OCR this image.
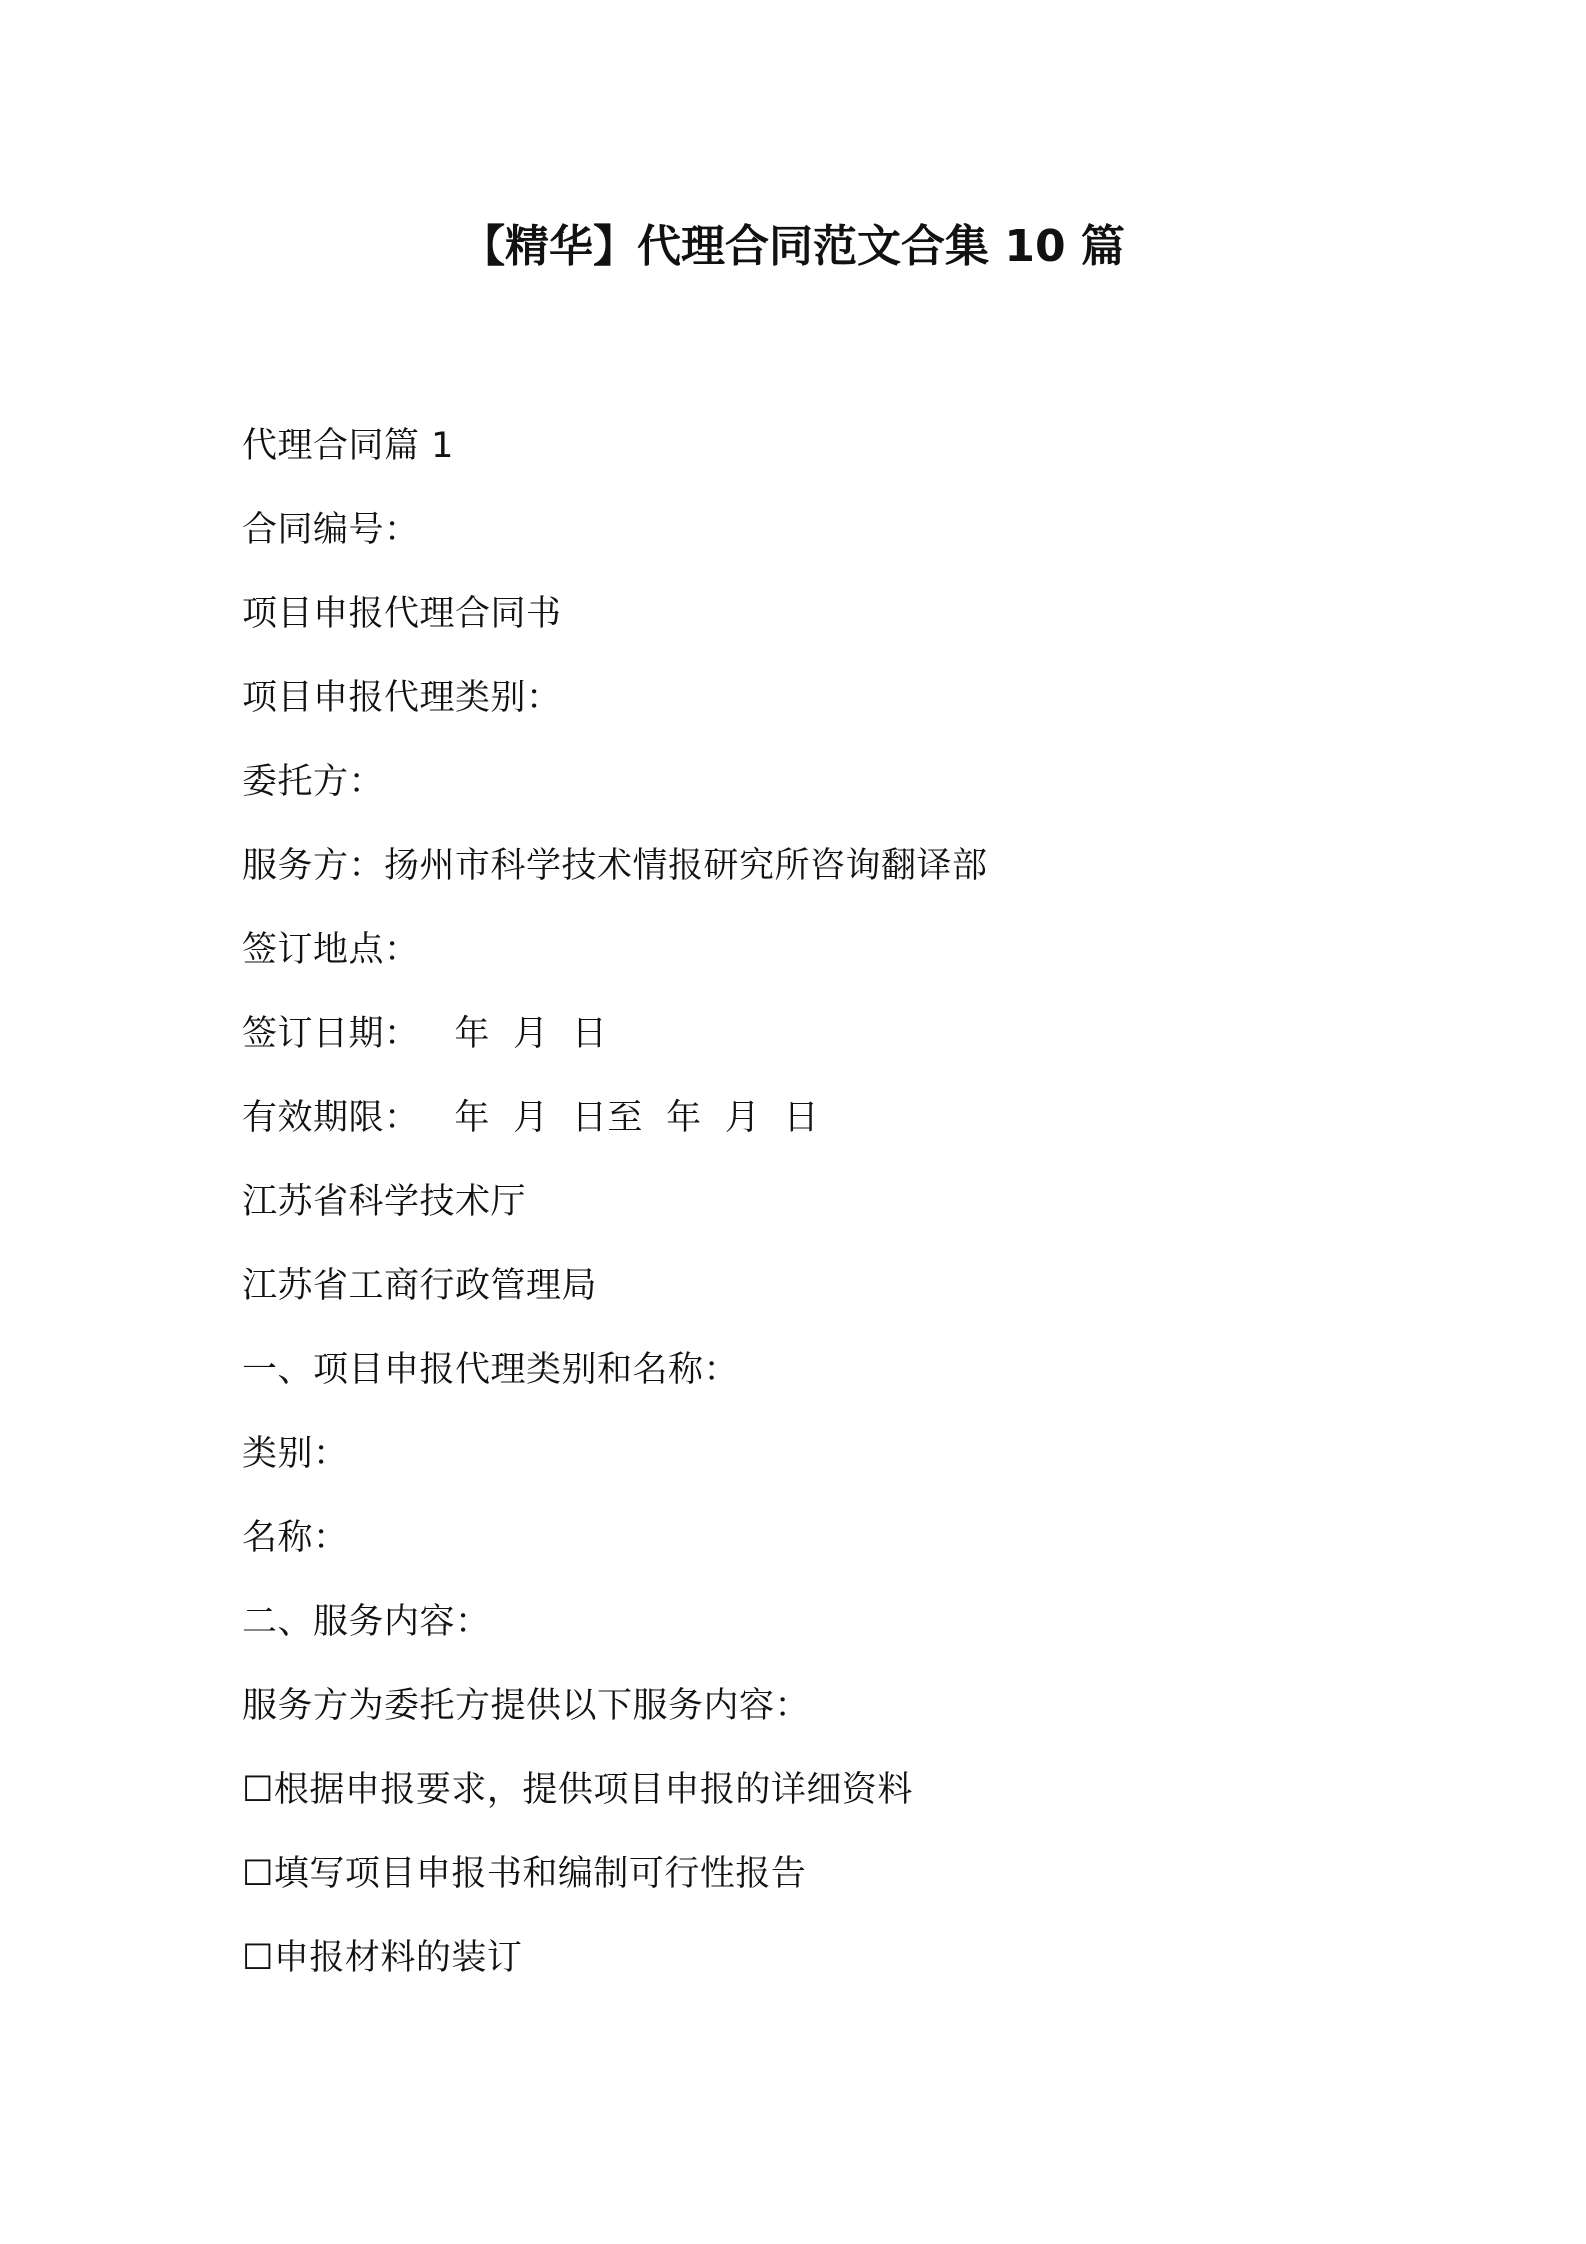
【精华】代理合同范文合集 10 篇
代理合同篇 1
合同编号：
项目申报代理合同书
项目申报代理类别：
委托方：
服务方：扬州市科学技术情报研究所咨询翻译部
签订地点：
签订日期：   年  月  日
有效期限：   年  月  日至  年  月  日
江苏省科学技术厅
江苏省工商行政管理局
一、项目申报代理类别和名称：
类别：
名称：
二、服务内容：
服务方为委托方提供以下服务内容：
☐根据申报要求，提供项目申报的详细资料
☐填写项目申报书和编制可行性报告
☐申报材料的装订
